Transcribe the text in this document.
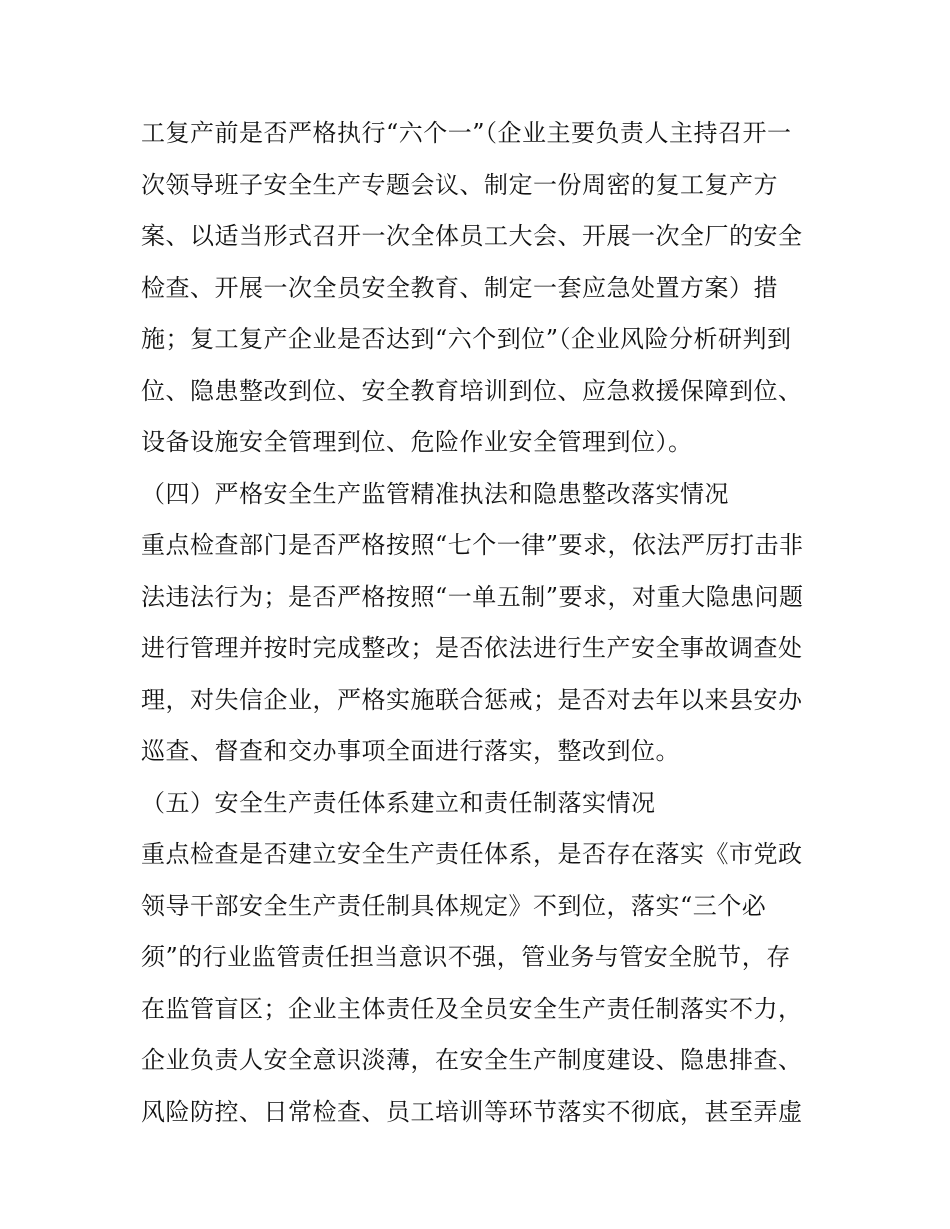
工复产前是否严格执行“六个一”（企业主要负责人主持召开一
次领导班子安全生产专题会议、制定一份周密的复工复产方
案、以适当形式召开一次全体员工大会、开展一次全厂的安全
检查、开展一次全员安全教育、制定一套应急处置方案）措
施；复工复产企业是否达到“六个到位”（企业风险分析研判到
位、隐患整改到位、安全教育培训到位、应急救援保障到位、
设备设施安全管理到位、危险作业安全管理到位）。
（四）严格安全生产监管精准执法和隐患整改落实情况
重点检查部门是否严格按照“七个一律”要求，依法严厉打击非
法违法行为；是否严格按照“一单五制”要求，对重大隐患问题
进行管理并按时完成整改；是否依法进行生产安全事故调查处
理，对失信企业，严格实施联合惩戒；是否对去年以来县安办
巡查、督查和交办事项全面进行落实，整改到位。
（五）安全生产责任体系建立和责任制落实情况
重点检查是否建立安全生产责任体系，是否存在落实《市党政
领导干部安全生产责任制具体规定》不到位，落实“三个必
须”的行业监管责任担当意识不强，管业务与管安全脱节，存
在监管盲区；企业主体责任及全员安全生产责任制落实不力，
企业负责人安全意识淡薄，在安全生产制度建设、隐患排查、
风险防控、日常检查、员工培训等环节落实不彻底，甚至弄虚
